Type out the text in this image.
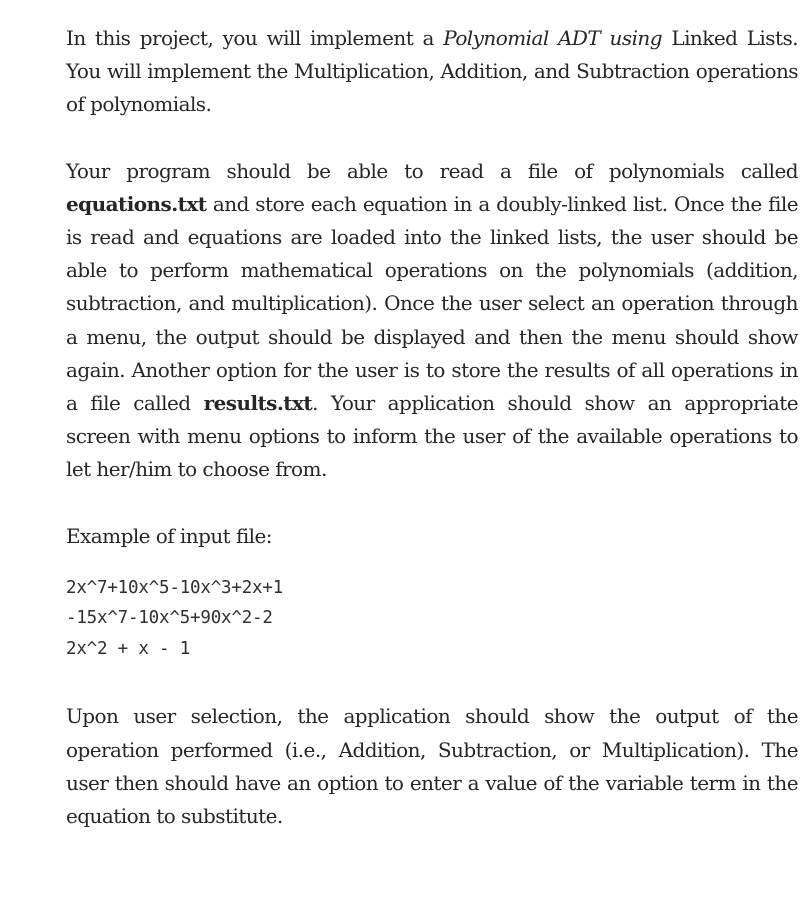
In this project, you will implement a Polynomial ADT using Linked Lists. You will implement the Multiplication, Addition, and Subtraction operations of polynomials.

Your program should be able to read a file of polynomials called equations.txt and store each equation in a doubly-linked list. Once the file is read and equations are loaded into the linked lists, the user should be able to perform mathematical operations on the polynomials (addition, subtraction, and multiplication). Once the user select an operation through a menu, the output should be displayed and then the menu should show again. Another option for the user is to store the results of all operations in a file called results.txt. Your application should show an appropriate screen with menu options to inform the user of the available operations to let her/him to choose from.

Example of input file:

2x^7+10x^5-10x^3+2x+1
-15x^7-10x^5+90x^2-2
2x^2 + x - 1

Upon user selection, the application should show the output of the operation performed (i.e., Addition, Subtraction, or Multiplication). The user then should have an option to enter a value of the variable term in the equation to substitute.
